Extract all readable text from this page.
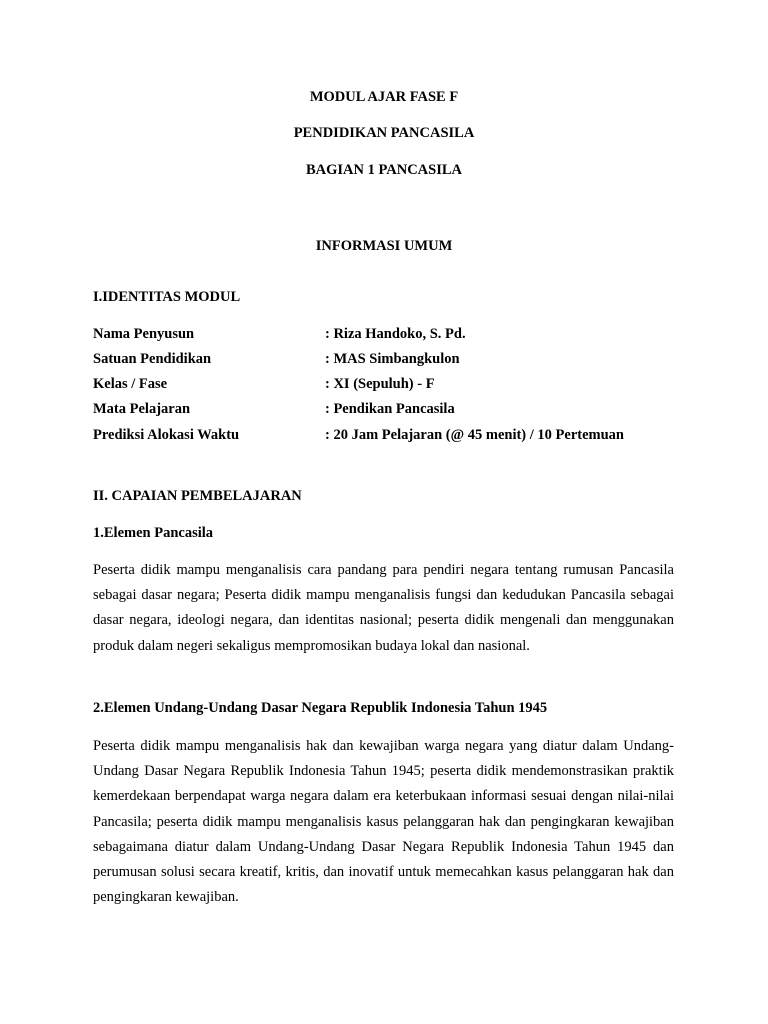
MODUL AJAR FASE F
PENDIDIKAN PANCASILA
BAGIAN 1 PANCASILA
INFORMASI UMUM
I.IDENTITAS MODUL
Nama Penyusun	: Riza Handoko, S. Pd.
Satuan Pendidikan	: MAS Simbangkulon
Kelas / Fase	: XI (Sepuluh) - F
Mata Pelajaran	: Pendikan Pancasila
Prediksi Alokasi Waktu	: 20 Jam Pelajaran (@ 45 menit) / 10 Pertemuan
II. CAPAIAN PEMBELAJARAN
1.Elemen Pancasila
Peserta didik mampu menganalisis cara pandang para pendiri negara tentang rumusan Pancasila sebagai dasar negara; Peserta didik mampu menganalisis fungsi dan kedudukan Pancasila sebagai dasar negara, ideologi negara, dan identitas nasional; peserta didik mengenali dan menggunakan produk dalam negeri sekaligus mempromosikan budaya lokal dan nasional.
2.Elemen Undang-Undang Dasar Negara Republik Indonesia Tahun 1945
Peserta didik mampu menganalisis hak dan kewajiban warga negara yang diatur dalam Undang- Undang Dasar Negara Republik Indonesia Tahun 1945; peserta didik mendemonstrasikan praktik kemerdekaan berpendapat warga negara dalam era keterbukaan informasi sesuai dengan nilai-nilai Pancasila; peserta didik mampu menganalisis kasus pelanggaran hak dan pengingkaran kewajiban sebagaimana diatur dalam Undang-Undang Dasar Negara Republik Indonesia Tahun 1945 dan perumusan solusi secara kreatif, kritis, dan inovatif untuk memecahkan kasus pelanggaran hak dan pengingkaran kewajiban.
